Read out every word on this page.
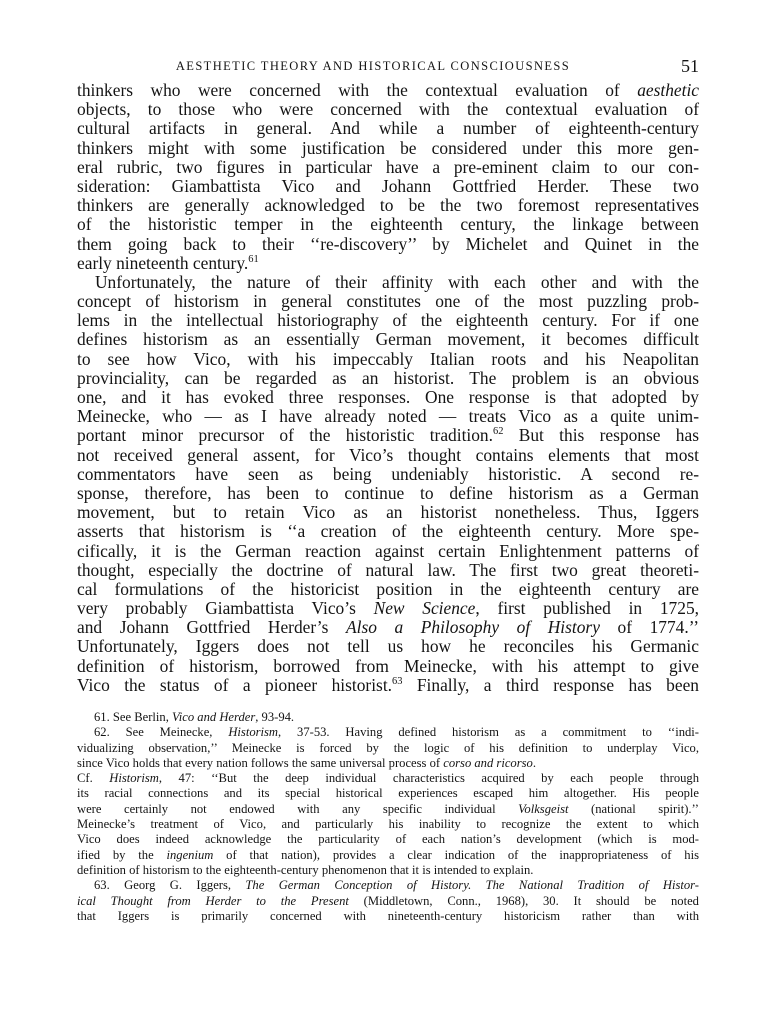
AESTHETIC THEORY AND HISTORICAL CONSCIOUSNESS	51
thinkers who were concerned with the contextual evaluation of aesthetic
objects, to those who were concerned with the contextual evaluation of
cultural artifacts in general. And while a number of eighteenth-century
thinkers might with some justification be considered under this more gen-
eral rubric, two figures in particular have a pre-eminent claim to our con-
sideration: Giambattista Vico and Johann Gottfried Herder. These two
thinkers are generally acknowledged to be the two foremost representatives
of the historistic temper in the eighteenth century, the linkage between
them going back to their ‘‘re-discovery’’ by Michelet and Quinet in the
early nineteenth century.$^{61}$
Unfortunately, the nature of their affinity with each other and with the
concept of historism in general constitutes one of the most puzzling prob-
lems in the intellectual historiography of the eighteenth century. For if one
defines historism as an essentially German movement, it becomes difficult
to see how Vico, with his impeccably Italian roots and his Neapolitan
provinciality, can be regarded as an historist. The problem is an obvious
one, and it has evoked three responses. One response is that adopted by
Meinecke, who — as I have already noted — treats Vico as a quite unim-
portant minor precursor of the historistic tradition.$^{62}$ But this response has
not received general assent, for Vico’s thought contains elements that most
commentators have seen as being undeniably historistic. A second re-
sponse, therefore, has been to continue to define historism as a German
movement, but to retain Vico as an historist nonetheless. Thus, Iggers
asserts that historism is ‘‘a creation of the eighteenth century. More spe-
cifically, it is the German reaction against certain Enlightenment patterns of
thought, especially the doctrine of natural law. The first two great theoreti-
cal formulations of the historicist position in the eighteenth century are
very probably Giambattista Vico’s New Science, first published in 1725,
and Johann Gottfried Herder’s Also a Philosophy of History of 1774.’’
Unfortunately, Iggers does not tell us how he reconciles his Germanic
definition of historism, borrowed from Meinecke, with his attempt to give
Vico the status of a pioneer historist.$^{63}$ Finally, a third response has been
61. See Berlin, Vico and Herder, 93-94.
62. See Meinecke, Historism, 37-53. Having defined historism as a commitment to ‘‘indi-
vidualizing observation,’’ Meinecke is forced by the logic of his definition to underplay Vico,
since Vico holds that every nation follows the same universal process of corso and ricorso.
Cf. Historism, 47: ‘‘But the deep individual characteristics acquired by each people through
its racial connections and its special historical experiences escaped him altogether. His people
were certainly not endowed with any specific individual Volksgeist (national spirit).’’
Meinecke’s treatment of Vico, and particularly his inability to recognize the extent to which
Vico does indeed acknowledge the particularity of each nation’s development (which is mod-
ified by the ingenium of that nation), provides a clear indication of the inappropriateness of his
definition of historism to the eighteenth-century phenomenon that it is intended to explain.
63. Georg G. Iggers, The German Conception of History. The National Tradition of Histor-
ical Thought from Herder to the Present (Middletown, Conn., 1968), 30. It should be noted
that Iggers is primarily concerned with nineteenth-century historicism rather than with
